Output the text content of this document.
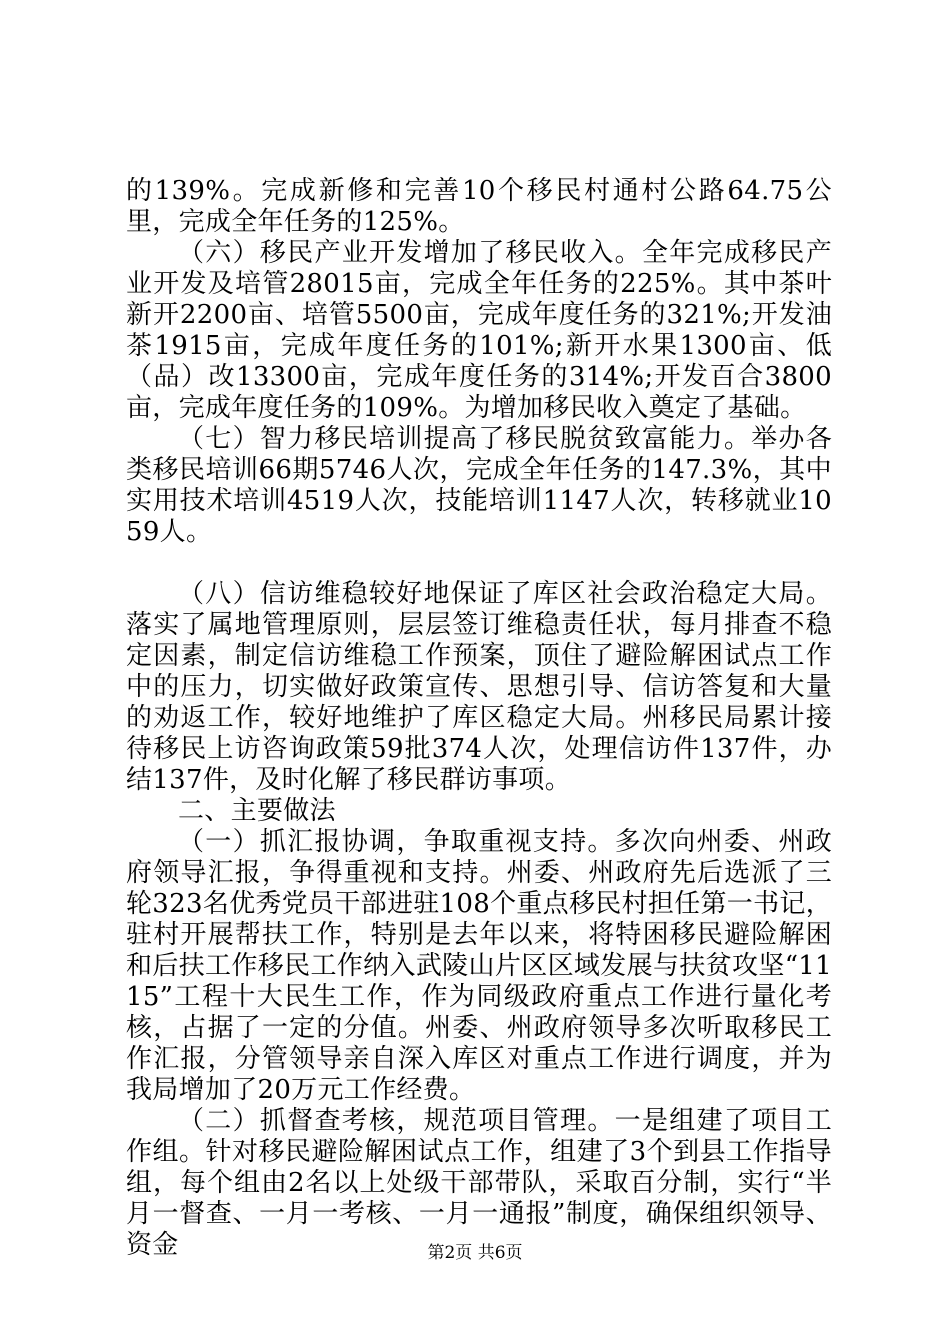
的139%。完成新修和完善10个移民村通村公路64.75公里，完成全年任务的125%。

（六）移民产业开发增加了移民收入。全年完成移民产业开发及培管28015亩，完成全年任务的225%。其中茶叶新开2200亩、培管5500亩，完成年度任务的321%;开发油茶1915亩，完成年度任务的101%;新开水果1300亩、低（品）改13300亩，完成年度任务的314%;开发百合3800亩，完成年度任务的109%。为增加移民收入奠定了基础。

（七）智力移民培训提高了移民脱贫致富能力。举办各类移民培训66期5746人次，完成全年任务的147.3%，其中实用技术培训4519人次，技能培训1147人次，转移就业1059人。

（八）信访维稳较好地保证了库区社会政治稳定大局。落实了属地管理原则，层层签订维稳责任状，每月排查不稳定因素，制定信访维稳工作预案，顶住了避险解困试点工作中的压力，切实做好政策宣传、思想引导、信访答复和大量的劝返工作，较好地维护了库区稳定大局。州移民局累计接待移民上访咨询政策59批374人次，处理信访件137件，办结137件，及时化解了移民群访事项。

二、主要做法

（一）抓汇报协调，争取重视支持。多次向州委、州政府领导汇报，争得重视和支持。州委、州政府先后选派了三轮323名优秀党员干部进驻108个重点移民村担任第一书记，驻村开展帮扶工作，特别是去年以来，将特困移民避险解困和后扶工作移民工作纳入武陵山片区区域发展与扶贫攻坚“1115”工程十大民生工作，作为同级政府重点工作进行量化考核，占据了一定的分值。州委、州政府领导多次听取移民工作汇报，分管领导亲自深入库区对重点工作进行调度，并为我局增加了20万元工作经费。

（二）抓督查考核，规范项目管理。一是组建了项目工作组。针对移民避险解困试点工作，组建了3个到县工作指导组，每个组由2名以上处级干部带队，采取百分制，实行“半月一督查、一月一考核、一月一通报”制度，确保组织领导、资金	第2页 共6页
